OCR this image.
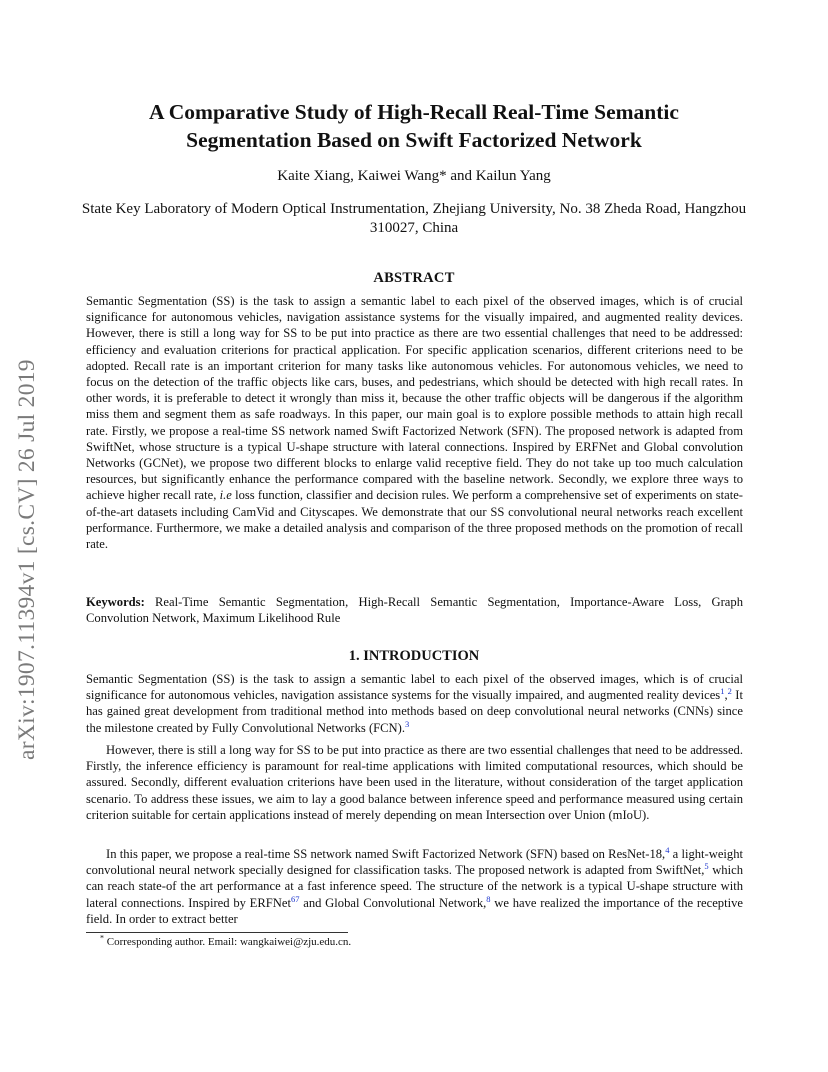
arXiv:1907.11394v1 [cs.CV] 26 Jul 2019
A Comparative Study of High-Recall Real-Time Semantic
Segmentation Based on Swift Factorized Network
Kaite Xiang, Kaiwei Wang* and Kailun Yang
State Key Laboratory of Modern Optical Instrumentation, Zhejiang University, No. 38 Zheda Road, Hangzhou 310027, China
ABSTRACT

Semantic Segmentation (SS) is the task to assign a semantic label to each pixel of the observed images, which is of crucial significance for autonomous vehicles, navigation assistance systems for the visually impaired, and augmented reality devices. However, there is still a long way for SS to be put into practice as there are two essential challenges that need to be addressed: efficiency and evaluation criterions for practical application. For specific application scenarios, different criterions need to be adopted. Recall rate is an important criterion for many tasks like autonomous vehicles. For autonomous vehicles, we need to focus on the detection of the traffic objects like cars, buses, and pedestrians, which should be detected with high recall rates. In other words, it is preferable to detect it wrongly than miss it, because the other traffic objects will be dangerous if the algorithm miss them and segment them as safe roadways. In this paper, our main goal is to explore possible methods to attain high recall rate. Firstly, we propose a real-time SS network named Swift Factorized Network (SFN). The proposed network is adapted from SwiftNet, whose structure is a typical U-shape structure with lateral connections. Inspired by ERFNet and Global convolution Networks (GCNet), we propose two different blocks to enlarge valid receptive field. They do not take up too much calculation resources, but significantly enhance the performance compared with the baseline network. Secondly, we explore three ways to achieve higher recall rate, i.e loss function, classifier and decision rules. We perform a comprehensive set of experiments on state-of-the-art datasets including CamVid and Cityscapes. We demonstrate that our SS convolutional neural networks reach excellent performance. Furthermore, we make a detailed analysis and comparison of the three proposed methods on the promotion of recall rate.

Keywords: Real-Time Semantic Segmentation, High-Recall Semantic Segmentation, Importance-Aware Loss, Graph Convolution Network, Maximum Likelihood Rule

1. INTRODUCTION

Semantic Segmentation (SS) is the task to assign a semantic label to each pixel of the observed images, which is of crucial significance for autonomous vehicles, navigation assistance systems for the visually impaired, and augmented reality devices$^1$,$^2$ It has gained great development from traditional method into methods based on deep convolutional neural networks (CNNs) since the milestone created by Fully Convolutional Networks (FCN).$^3$

However, there is still a long way for SS to be put into practice as there are two essential challenges that need to be addressed. Firstly, the inference efficiency is paramount for real-time applications with limited computational resources, which should be assured. Secondly, different evaluation criterions have been used in the literature, without consideration of the target application scenario. To address these issues, we aim to lay a good balance between inference speed and performance measured using certain criterion suitable for certain applications instead of merely depending on mean Intersection over Union (mIoU).

In this paper, we propose a real-time SS network named Swift Factorized Network (SFN) based on ResNet-18,$^4$ a light-weight convolutional neural network specially designed for classification tasks. The proposed network is adapted from SwiftNet,$^5$ which can reach state-of the art performance at a fast inference speed. The structure of the network is a typical U-shape structure with lateral connections. Inspired by ERFNet$^{67}$ and Global Convolutional Network,$^8$ we have realized the importance of the receptive field. In order to extract better

* Corresponding author. Email: wangkaiwei@zju.edu.cn.
